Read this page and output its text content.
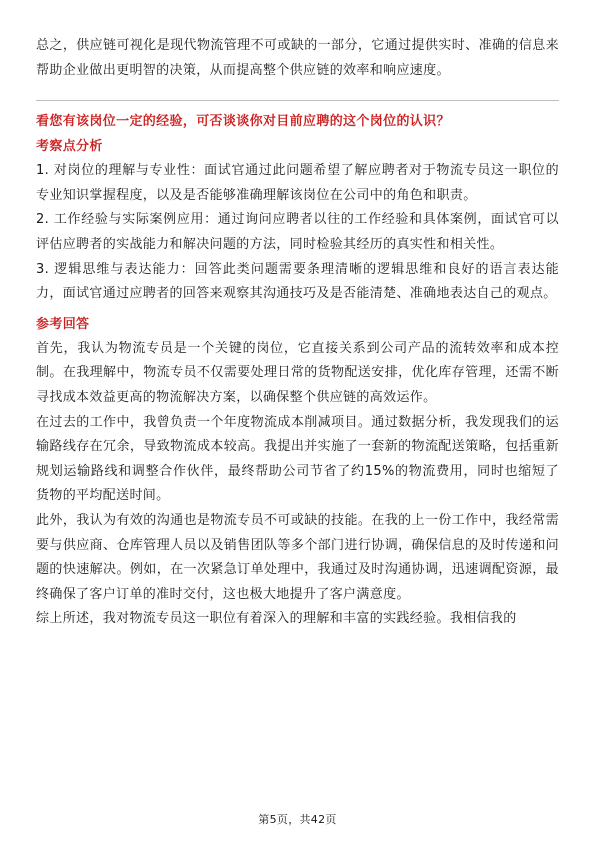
总之，供应链可视化是现代物流管理不可或缺的一部分，它通过提供实时、准确的信息来帮助企业做出更明智的决策，从而提高整个供应链的效率和响应速度。

看您有该岗位一定的经验，可否谈谈你对目前应聘的这个岗位的认识？

考察点分析

1. 对岗位的理解与专业性：面试官通过此问题希望了解应聘者对于物流专员这一职位的专业知识掌握程度，以及是否能够准确理解该岗位在公司中的角色和职责。

2. 工作经验与实际案例应用：通过询问应聘者以往的工作经验和具体案例，面试官可以评估应聘者的实战能力和解决问题的方法，同时检验其经历的真实性和相关性。

3. 逻辑思维与表达能力：回答此类问题需要条理清晰的逻辑思维和良好的语言表达能力，面试官通过应聘者的回答来观察其沟通技巧及是否能清楚、准确地表达自己的观点。

参考回答

首先，我认为物流专员是一个关键的岗位，它直接关系到公司产品的流转效率和成本控制。在我理解中，物流专员不仅需要处理日常的货物配送安排，优化库存管理，还需不断寻找成本效益更高的物流解决方案，以确保整个供应链的高效运作。

在过去的工作中，我曾负责一个年度物流成本削减项目。通过数据分析，我发现我们的运输路线存在冗余，导致物流成本较高。我提出并实施了一套新的物流配送策略，包括重新规划运输路线和调整合作伙伴，最终帮助公司节省了约15%的物流费用，同时也缩短了货物的平均配送时间。

此外，我认为有效的沟通也是物流专员不可或缺的技能。在我的上一份工作中，我经常需要与供应商、仓库管理人员以及销售团队等多个部门进行协调，确保信息的及时传递和问题的快速解决。例如，在一次紧急订单处理中，我通过及时沟通协调，迅速调配资源，最终确保了客户订单的准时交付，这也极大地提升了客户满意度。

综上所述，我对物流专员这一职位有着深入的理解和丰富的实践经验。我相信我的

第5页，共42页
